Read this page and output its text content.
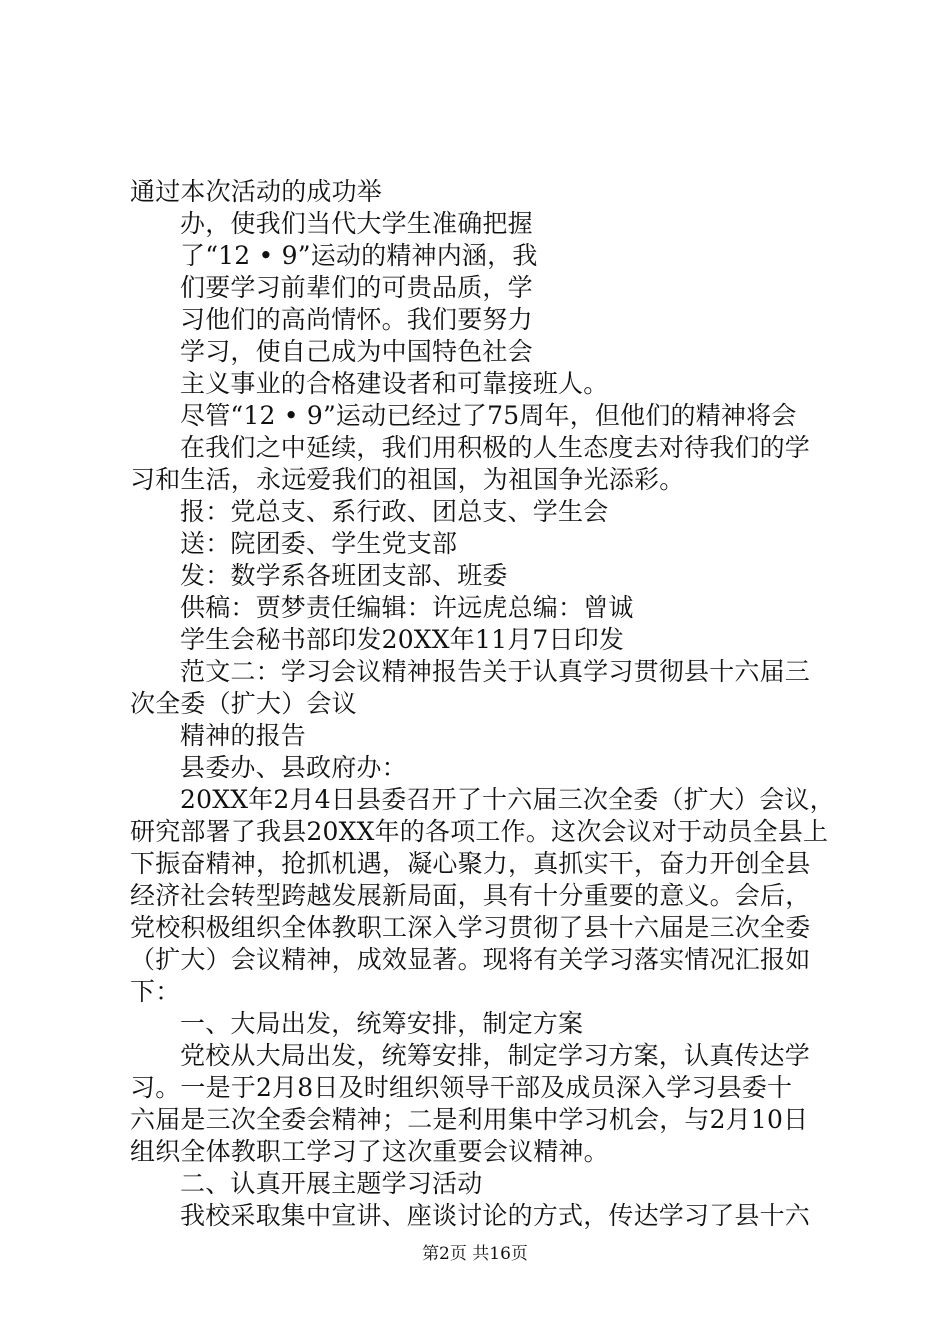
通过本次活动的成功举
办，使我们当代大学生准确把握
了“12 • 9”运动的精神内涵，我
们要学习前辈们的可贵品质，学
习他们的高尚情怀。我们要努力
学习，使自己成为中国特色社会
主义事业的合格建设者和可靠接班人。
尽管“12 • 9”运动已经过了75周年，但他们的精神将会
在我们之中延续，我们用积极的人生态度去对待我们的学
习和生活，永远爱我们的祖国，为祖国争光添彩。
报：党总支、系行政、团总支、学生会
送：院团委、学生党支部
发：数学系各班团支部、班委
供稿：贾梦责任编辑：许远虎总编：曾诚
学生会秘书部印发20XX年11月7日印发
范文二：学习会议精神报告关于认真学习贯彻县十六届三
次全委（扩大）会议
精神的报告
县委办、县政府办：
20XX年2月4日县委召开了十六届三次全委（扩大）会议，
研究部署了我县20XX年的各项工作。这次会议对于动员全县上
下振奋精神，抢抓机遇，凝心聚力，真抓实干，奋力开创全县
经济社会转型跨越发展新局面，具有十分重要的意义。会后，
党校积极组织全体教职工深入学习贯彻了县十六届是三次全委
（扩大）会议精神，成效显著。现将有关学习落实情况汇报如
下：
一、大局出发，统筹安排，制定方案
党校从大局出发，统筹安排，制定学习方案，认真传达学
习。一是于2月8日及时组织领导干部及成员深入学习县委十
六届是三次全委会精神；二是利用集中学习机会，与2月10日
组织全体教职工学习了这次重要会议精神。
二、认真开展主题学习活动
我校采取集中宣讲、座谈讨论的方式，传达学习了县十六
第2页 共16页
